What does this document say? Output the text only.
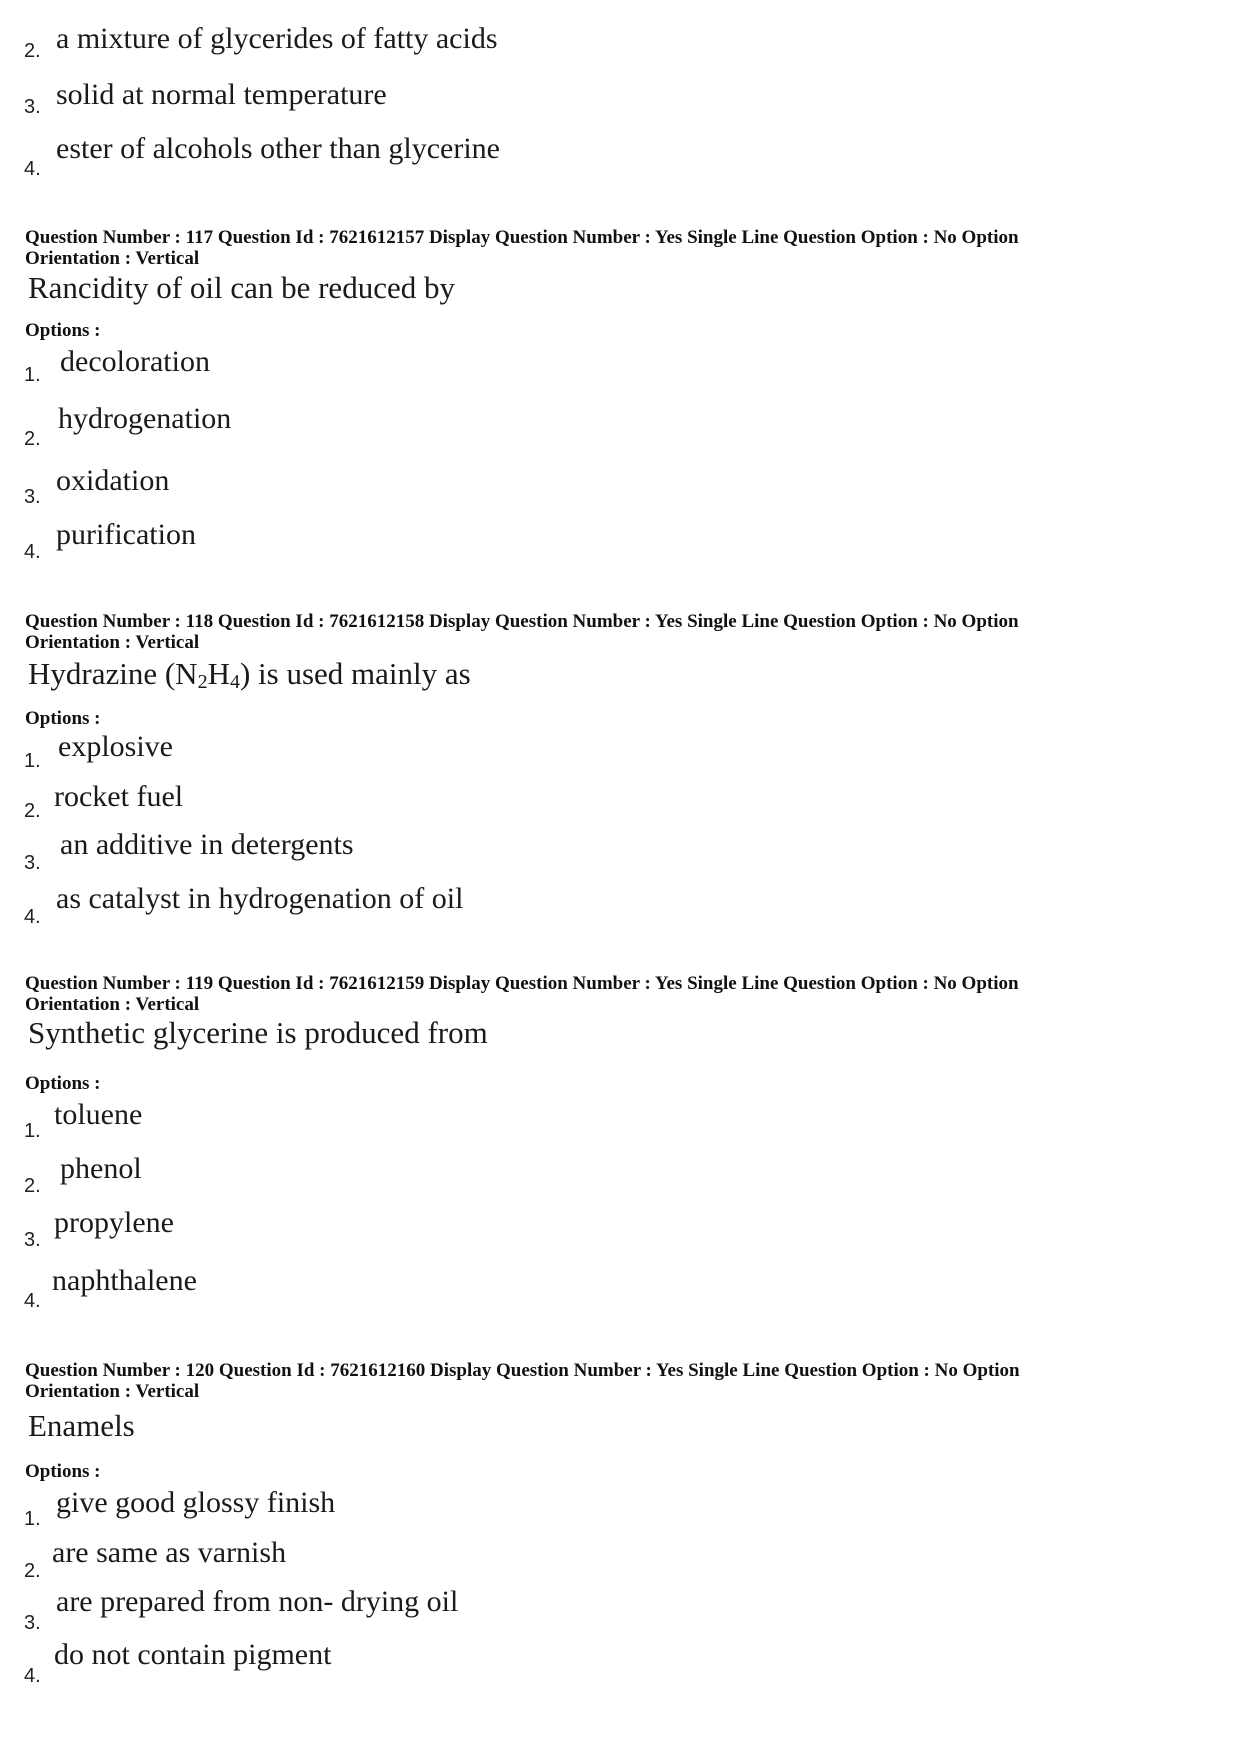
2. a mixture of glycerides of fatty acids
3. solid at normal temperature
4.
ester of alcohols other than glycerine
Question Number : 117 Question Id : 7621612157 Display Question Number : Yes Single Line Question Option : No Option
Orientation : Vertical
Rancidity of oil can be reduced by
Options :
1. decoloration
2.
hydrogenation
3. oxidation
4.
purification
Question Number : 118 Question Id : 7621612158 Display Question Number : Yes Single Line Question Option : No Option
Orientation : Vertical
Hydrazine $(N_2H_4)$ is used mainly as
Options :
1. explosive
2. rocket fuel
3.
an additive in detergents
4.
as catalyst in hydrogenation of oil
Question Number : 119 Question Id : 7621612159 Display Question Number : Yes Single Line Question Option : No Option
Orientation : Vertical
Synthetic glycerine is produced from
Options :
1. toluene
2.
phenol
3.
propylene
4.
naphthalene
Question Number : 120 Question Id : 7621612160 Display Question Number : Yes Single Line Question Option : No Option
Orientation : Vertical
Enamels
Options :
1. give good glossy finish
2.
are same as varnish
3.
are prepared from non- drying oil
4.
do not contain pigment
